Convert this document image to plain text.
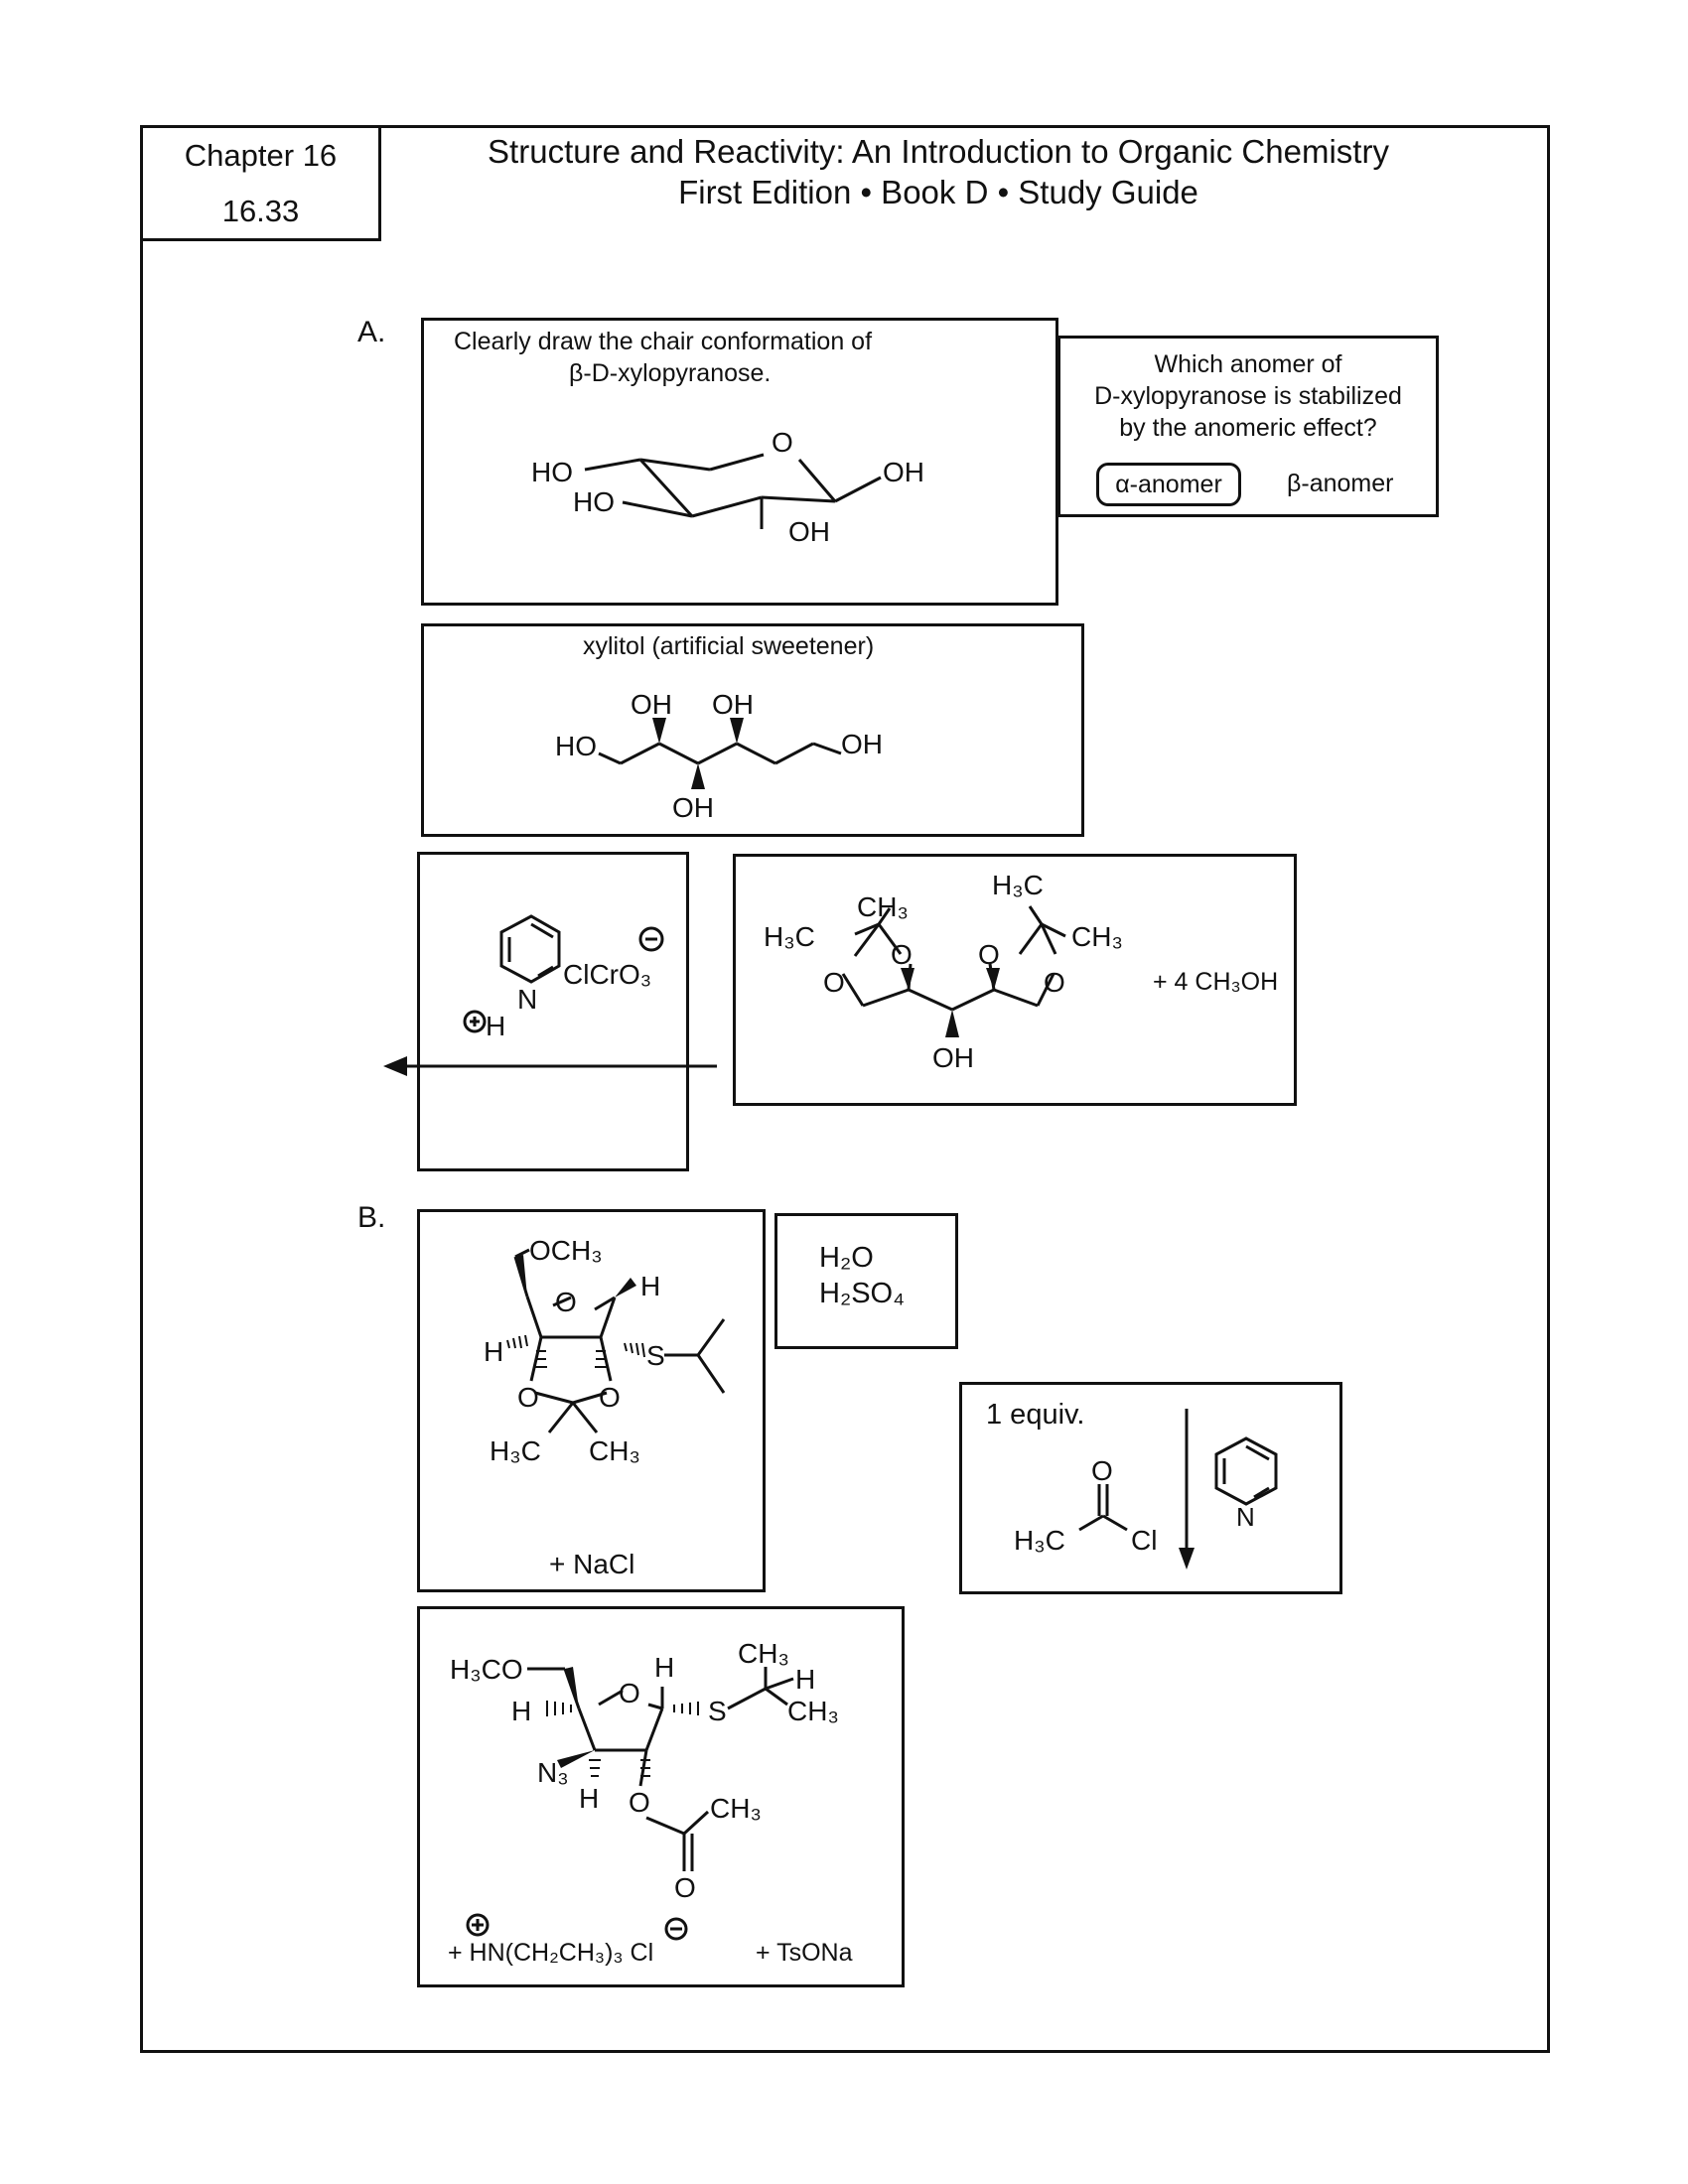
Chapter 16
16.33
Structure and Reactivity: An Introduction to Organic Chemistry
First Edition • Book D • Study Guide
A.	Clearly draw the chair conformation of
β-D-xylopyranose.
O
HO
HO
OH
OH
Which anomer of
D-xylopyranose is stabilized
by the anomeric effect?
α-anomer	β-anomer
xylitol (artificial sweetener)
OH OH
OH
HO	OH
N
H
ClCrO₃
H₃C
CH₃
O
O
H₃C
CH₃
O
O
OH
+ 4 CH₃OH
B.
OCH₃
O
H
H	S
O O
H₃C CH₃
+ NaCl
H₂O
H₂SO₄
1 equiv.
O
H₃C Cl
N
H₃CO
O
H
H	S
CH₃
H
CH₃
N₃
H O CH₃
O
+ HN(CH₂CH₃)₃ Cl	+ TsONa
